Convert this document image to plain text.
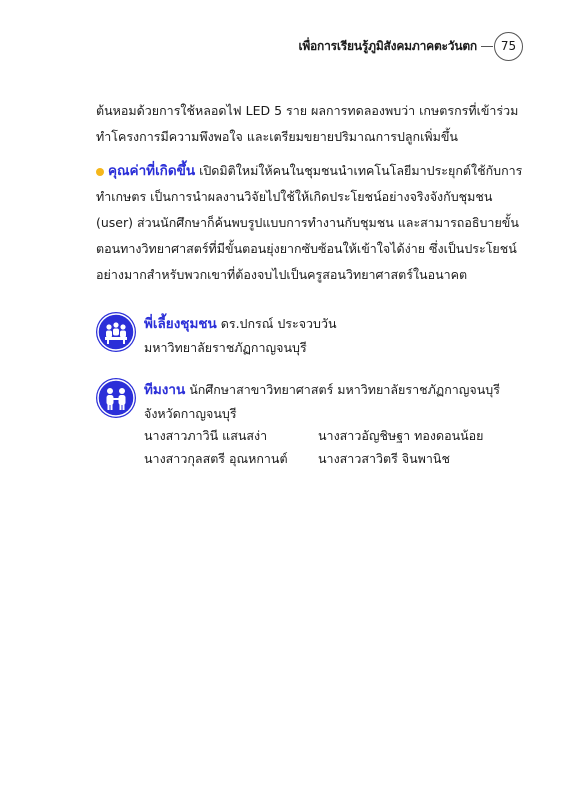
เพื่อการเรียนรู้ภูมิสังคมภาคตะวันตก	75
ต้นหอมด้วยการใช้หลอดไฟ LED 5 ราย ผลการทดลองพบว่า เกษตรกรที่เข้าร่วม
ทำโครงการมีความพึงพอใจ และเตรียมขยายปริมาณการปลูกเพิ่มขึ้น
คุณค่าที่เกิดขึ้น เปิดมิติใหม่ให้คนในชุมชนนำเทคโนโลยีมาประยุกต์ใช้กับการ
ทำเกษตร เป็นการนำผลงานวิจัยไปใช้ให้เกิดประโยชน์อย่างจริงจังกับชุมชน
(user) ส่วนนักศึกษาก็ค้นพบรูปแบบการทำงานกับชุมชน และสามารถอธิบายขั้น
ตอนทางวิทยาศาสตร์ที่มีขั้นตอนยุ่งยากซับซ้อนให้เข้าใจได้ง่าย ซึ่งเป็นประโยชน์
อย่างมากสำหรับพวกเขาที่ต้องจบไปเป็นครูสอนวิทยาศาสตร์ในอนาคต
พี่เลี้ยงชุมชน ดร.ปกรณ์ ประจวบวัน
มหาวิทยาลัยราชภัฏกาญจนบุรี
ทีมงาน นักศึกษาสาขาวิทยาศาสตร์ มหาวิทยาลัยราชภัฏกาญจนบุรี
จังหวัดกาญจนบุรี
นางสาวภาวินี แสนสง่า	นางสาวอัญชิษฐา ทองดอนน้อย
นางสาวกุลสตรี อุณหกานต์	นางสาวสาวิตรี จินพานิช
